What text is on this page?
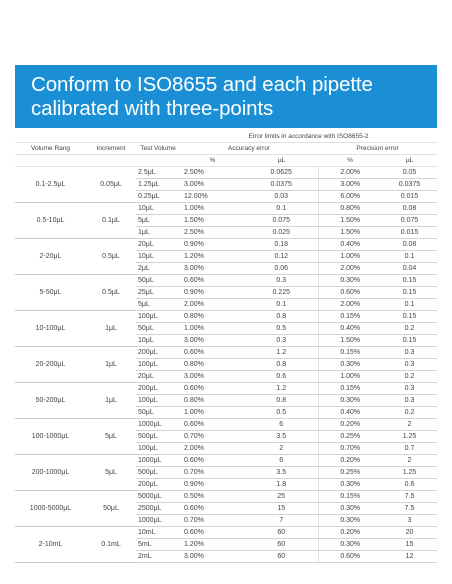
Conform to ISO8655 and each pipette calibrated with three-points
			Error limits in accordance with ISO8655-2			
Volume Rang	Increment	Test Volume	Accuracy error		Precision error	
			%	μL	%	μL
0.1-2.5μL	0.05μL	2.5μL	2.50%	0.0625	2.00%	0.05
		1.25μL	3.00%	0.0375	3.00%	0.0375
		0.25μL	12.00%	0.03	6.00%	0.015
0.5-10μL	0.1μL	10μL	1.00%	0.1	0.80%	0.08
		5μL	1.50%	0.075	1.50%	0.075
		1μL	2.50%	0.025	1.50%	0.015
2-20μL	0.5μL	20μL	0.90%	0.18	0.40%	0.08
		10μL	1.20%	0.12	1.00%	0.1
		2μL	3.00%	0.06	2.00%	0.04
5-50μL	0.5μL	50μL	0.60%	0.3	0.30%	0.15
		25μL	0.90%	0.225	0.60%	0.15
		5μL	2.00%	0.1	2.00%	0.1
10-100μL	1μL	100μL	0.80%	0.8	0.15%	0.15
		50μL	1.00%	0.5	0.40%	0.2
		10μL	3.00%	0.3	1.50%	0.15
20-200μL	1μL	200μL	0.60%	1.2	0.15%	0.3
		100μL	0.80%	0.8	0.30%	0.3
		20μL	3.00%	0.6	1.00%	0.2
50-200μL	1μL	200μL	0.60%	1.2	0.15%	0.3
		100μL	0.80%	0.8	0.30%	0.3
		50μL	1.00%	0.5	0.40%	0.2
100-1000μL	5μL	1000μL	0.60%	6	0.20%	2
		500μL	0.70%	3.5	0.25%	1.25
		100μL	2.00%	2	0.70%	0.7
200-1000μL	5μL	1000μL	0.60%	6	0.20%	2
		500μL	0.70%	3.5	0.25%	1.25
		200μL	0.90%	1.8	0.30%	0.6
1000-5000μL	50μL	5000μL	0.50%	25	0.15%	7.5
		2500μL	0.60%	15	0.30%	7.5
		1000μL	0.70%	7	0.30%	3
2-10mL	0.1mL	10mL	0.60%	60	0.20%	20
		5mL	1.20%	60	0.30%	15
		2mL	3.00%	60	0.60%	12
